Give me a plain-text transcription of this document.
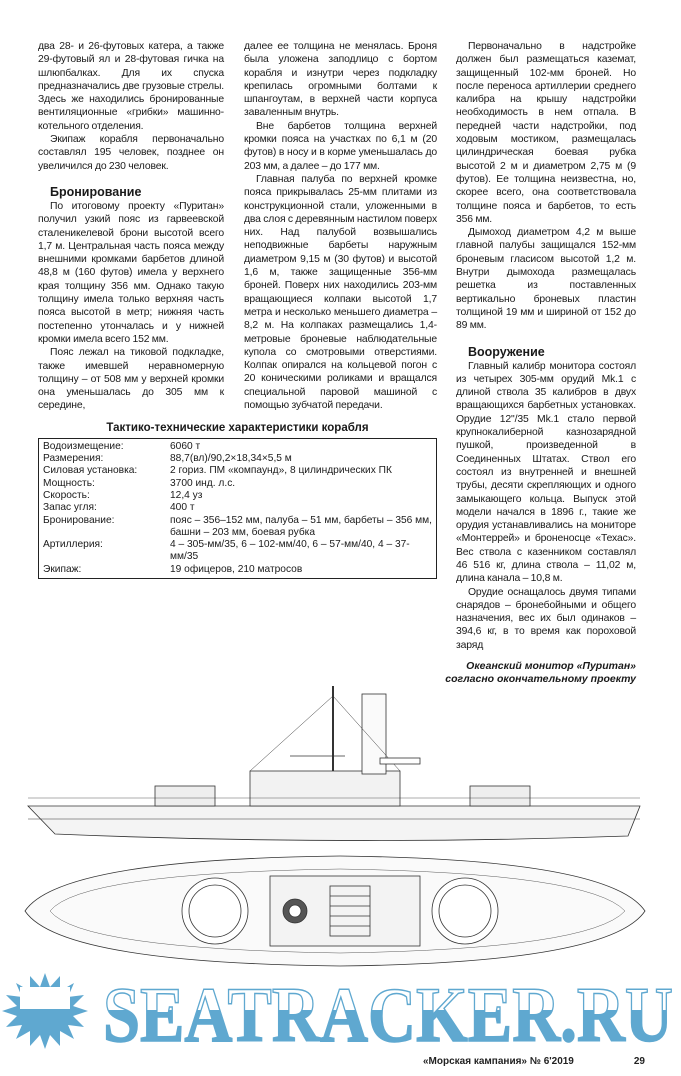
два 28- и 26-футовых катера, а также 29-футовый ял и 28-футовая гичка на шлюпбалках. Для их спуска предназначались две грузовые стрелы. Здесь же находились бронированные вентиляционные «грибки» машинно-котельного отделения.

Экипаж корабля первоначально составлял 195 человек, позднее он увеличился до 230 человек.

Бронирование

По итоговому проекту «Пуритан» получил узкий пояс из гарвеевской сталеникелевой брони высотой всего 1,7 м. Центральная часть пояса между внешними кромками барбетов длиной 48,8 м (160 футов) имела у верхнего края толщину 356 мм. Однако такую толщину имела только верхняя часть пояса высотой в метр; нижняя часть постепенно утончалась и у нижней кромки имела всего 152 мм.

Пояс лежал на тиковой подкладке, также имевшей неравномерную толщину – от 508 мм у верхней кромки она уменьшалась до 305 мм к середине,

далее ее толщина не менялась. Броня была уложена заподлицо с бортом корабля и изнутри через подкладку крепилась огромными болтами к шпангоутам, в верхней части корпуса заваленным внутрь.

Вне барбетов толщина верхней кромки пояса на участках по 6,1 м (20 футов) в носу и в корме уменьшалась до 203 мм, а далее – до 177 мм.

Главная палуба по верхней кромке пояса прикрывалась 25-мм плитами из конструкционной стали, уложенными в два слоя с деревянным настилом поверх них. Над палубой возвышались неподвижные барбеты наружным диаметром 9,15 м (30 футов) и высотой 1,6 м, также защищенные 356-мм броней. Поверх них находились 203-мм вращающиеся колпаки высотой 1,7 метра и несколько меньшего диаметра – 8,2 м. На колпаках размещались 1,4-метровые броневые наблюдательные купола со смотровыми отверстиями. Колпак опирался на кольцевой погон с 20 коническими роликами и вращался специальной паровой машиной с помощью зубчатой передачи.

Тактико-технические характеристики корабля
Водоизмещение:	6060 т
Размерения:	88,7(вл)/90,2×18,34×5,5 м
Силовая установка:	2 гориз. ПМ «компаунд», 8 цилиндрических ПК
Мощность:	3700 инд. л.с.
Скорость:	12,4 уз
Запас угля:	400 т
Бронирование:	пояс – 356–152 мм, палуба – 51 мм, барбеты – 356 мм, башни – 203 мм, боевая рубка
Артиллерия:	4 – 305-мм/35, 6 – 102-мм/40, 6 – 57-мм/40, 4 – 37-мм/35
Экипаж:	19 офицеров, 210 матросов

Первоначально в надстройке должен был размещаться каземат, защищенный 102-мм броней. Но после переноса артиллерии среднего калибра на крышу надстройки необходимость в нем отпала. В передней части надстройки, под ходовым мостиком, размещалась цилиндрическая боевая рубка высотой 2 м и диаметром 2,75 м (9 футов). Ее толщина неизвестна, но, скорее всего, она соответствовала толщине пояса и барбетов, то есть 356 мм.

Дымоход диаметром 4,2 м выше главной палубы защищался 152-мм броневым гласисом высотой 1,2 м. Внутри дымохода размещалась решетка из поставленных вертикально броневых пластин толщиной 19 мм и шириной от 152 до 89 мм.

Вооружение

Главный калибр монитора состоял из четырех 305-мм орудий Mk.1 с длиной ствола 35 калибров в двух вращающихся барбетных установках. Орудие 12"/35 Mk.1 стало первой крупнокалиберной казнозарядной пушкой, произведенной в Соединенных Штатах. Ствол его состоял из внутренней и внешней трубы, десяти скрепляющих и одного замыкающего кольца. Выпуск этой модели начался в 1896 г., такие же орудия устанавливались на мониторе «Монтеррей» и броненосце «Техас». Вес ствола с казенником составлял 46 516 кг, длина ствола – 11,02 м, длина канала – 10,8 м.

Орудие оснащалось двумя типами снарядов – бронебойными и общего назначения, вес их был одинаков – 394,6 кг, в то время как пороховой заряд

Океанский монитор «Пуритан»
согласно окончательному проекту
SEATRACKER.RU
«Морская кампания» № 6'2019	29
